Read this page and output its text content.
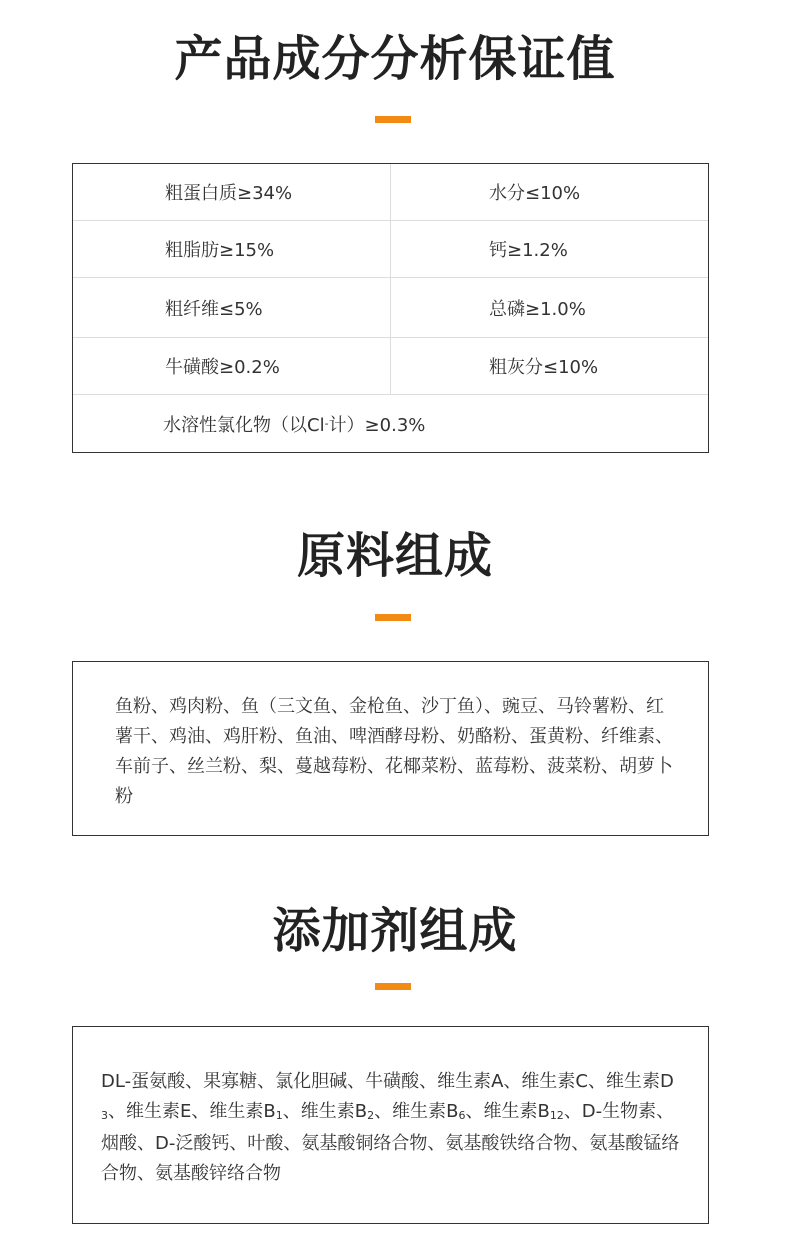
产品成分分析保证值
粗蛋白质≥34%	水分≤10%
粗脂肪≥15%	钙≥1.2%
粗纤维≤5%	总磷≥1.0%
牛磺酸≥0.2%	粗灰分≤10%
水溶性氯化物（以Cl - 计）≥0.3%
原料组成

鱼粉、鸡肉粉、鱼（三文鱼、金枪鱼、沙丁鱼）、豌豆、马铃薯粉、红薯干、鸡油、鸡肝粉、鱼油、啤酒酵母粉、奶酪粉、蛋黄粉、纤维素、车前子、丝兰粉、梨、蔓越莓粉、花椰菜粉、蓝莓粉、菠菜粉、胡萝卜粉

添加剂组成

DL-蛋氨酸、果寡糖、氯化胆碱、牛磺酸、维生素A、维生素C、维生素$D_3$、维生素E、维生素$B_1$、维生素$B_2$、维生素$B_6$、维生素$B_{12}$、D-生物素、烟酸、D-泛酸钙、叶酸、氨基酸铜络合物、氨基酸铁络合物、氨基酸锰络合物、氨基酸锌络合物
